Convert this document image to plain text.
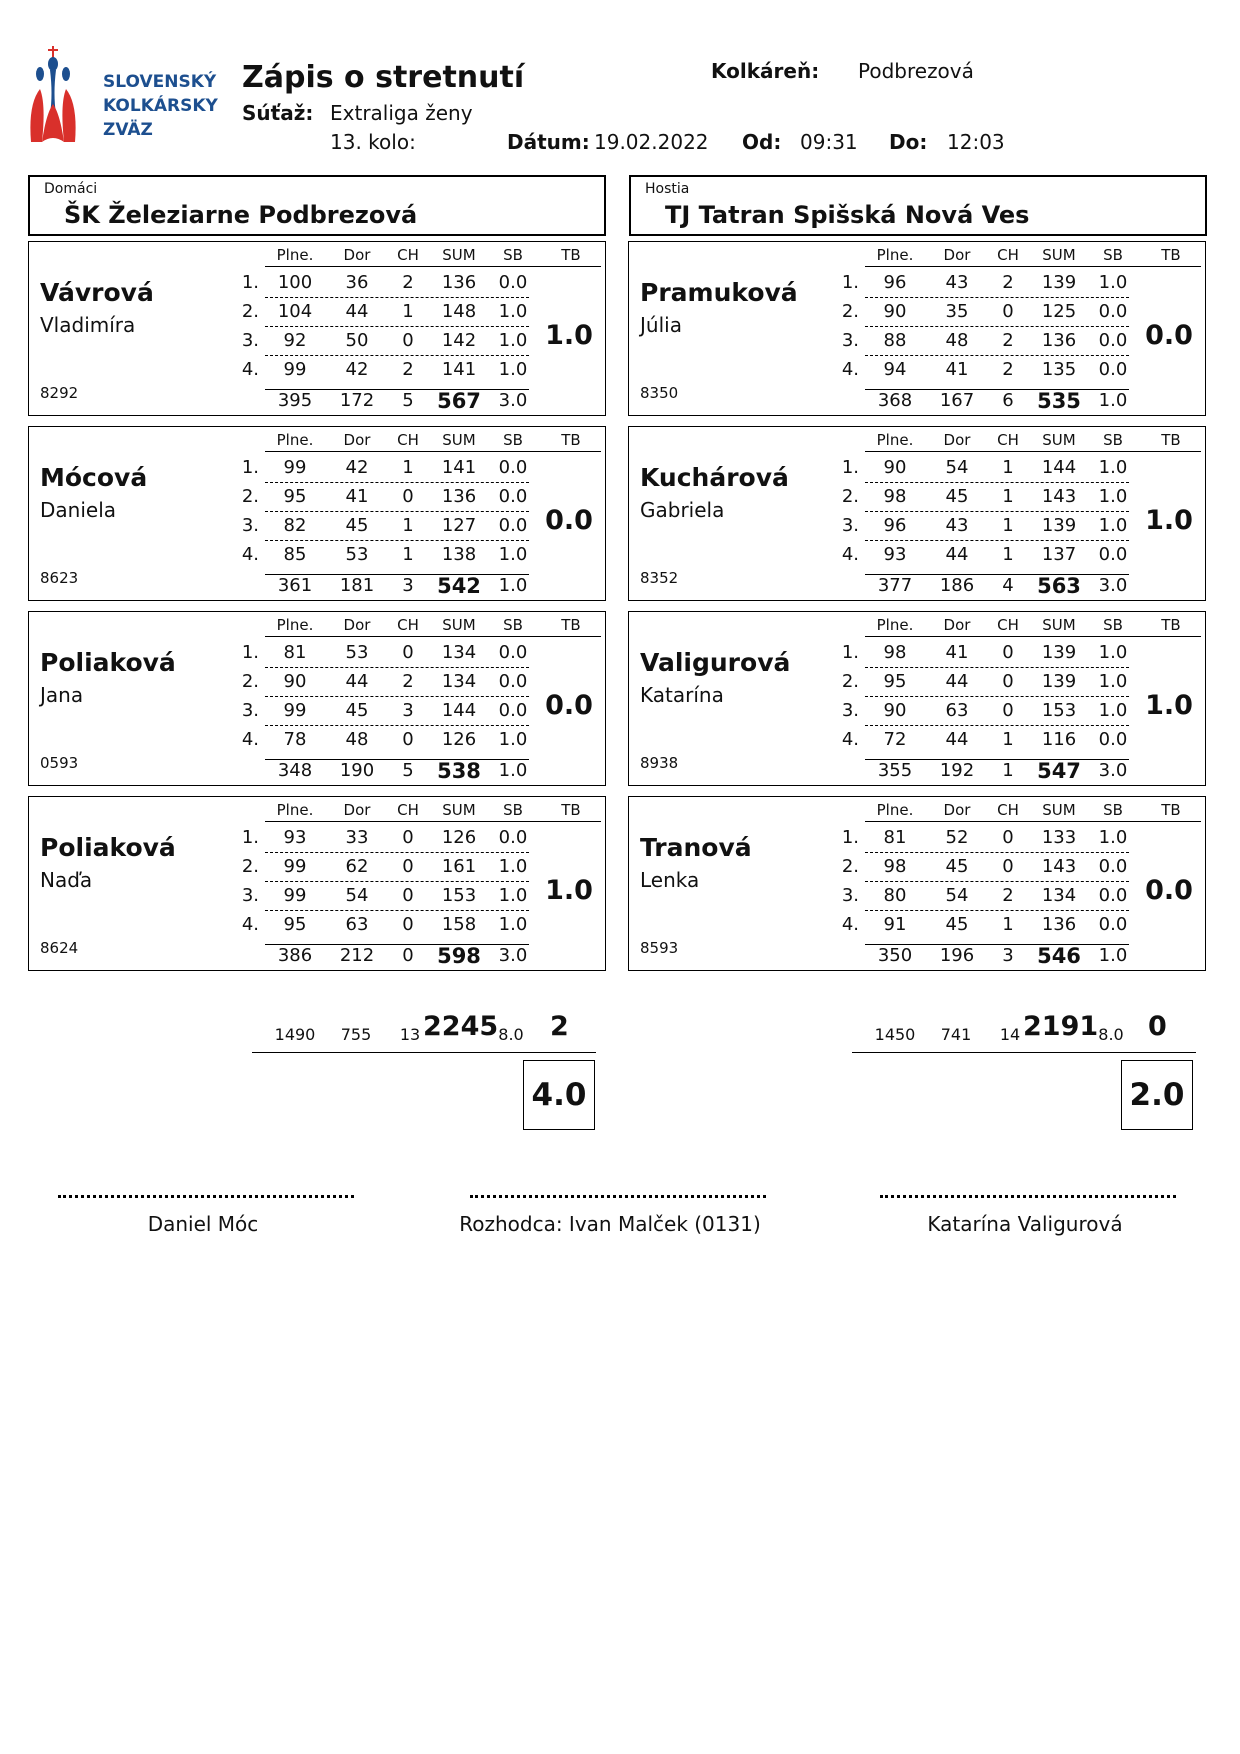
SLOVENSKÝ
KOLKÁRSKY
ZVÄZ
Zápis o stretnutí	Kolkáreň: Podbrezová
Súťaž: Extraliga ženy
13. kolo:	Dátum: 19.02.2022 Od: 09:31 Do: 12:03
Domáci
ŠK Železiarne Podbrezová
Hostia
TJ Tatran Spišská Nová Ves
Vávrová
Vladimíra
8292
Plne.	Dor	CH	SUM	SB	TB
1.	100	36	2	136	0.0
2.	104	44	1	148	1.0
3.	92	50	0	142	1.0
4.	99	42	2	141	1.0
395	172	5	567 3.0
1.0
Mócová
Daniela
8623
Plne.	Dor	CH	SUM	SB	TB
1.	99	42	1	141	0.0
2.	95	41	0	136	0.0
3.	82	45	1	127	0.0
4.	85	53	1	138	1.0
361	181	3	542 1.0
0.0
Poliaková
Jana
0593
Plne.	Dor	CH	SUM	SB	TB
1.	81	53	0	134	0.0
2.	90	44	2	134	0.0
3.	99	45	3	144	0.0
4.	78	48	0	126	1.0
348	190	5	538 1.0
0.0
Poliaková
Naďa
8624
Plne.	Dor	CH	SUM	SB	TB
1.	93	33	0	126	0.0
2.	99	62	0	161	1.0
3.	99	54	0	153	1.0
4.	95	63	0	158	1.0
386	212	0	598 3.0
1.0
Pramuková
Júlia
8350
Plne.	Dor	CH	SUM	SB	TB
1.	96	43	2	139	1.0
2.	90	35	0	125	0.0
3.	88	48	2	136	0.0
4.	94	41	2	135	0.0
368	167	6	535 1.0
0.0
Kuchárová
Gabriela
8352
Plne.	Dor	CH	SUM	SB	TB
1.	90	54	1	144	1.0
2.	98	45	1	143	1.0
3.	96	43	1	139	1.0
4.	93	44	1	137	0.0
377	186	4	563 3.0
1.0
Valigurová
Katarína
8938
Plne.	Dor	CH	SUM	SB	TB
1.	98	41	0	139	1.0
2.	95	44	0	139	1.0
3.	90	63	0	153	1.0
4.	72	44	1	116	0.0
355	192	1	547 3.0
1.0
Tranová
Lenka
8593
Plne.	Dor	CH	SUM	SB	TB
1.	81	52	0	133	1.0
2.	98	45	0	143	0.0
3.	80	54	2	134	0.0
4.	91	45	1	136	0.0
350	196	3	546 1.0
0.0
1490	755	13 2245 8.0 2
4.0
1450	741	14 2191 8.0 0
2.0
Daniel Móc	Rozhodca: Ivan Malček (0131)	Katarína Valigurová
